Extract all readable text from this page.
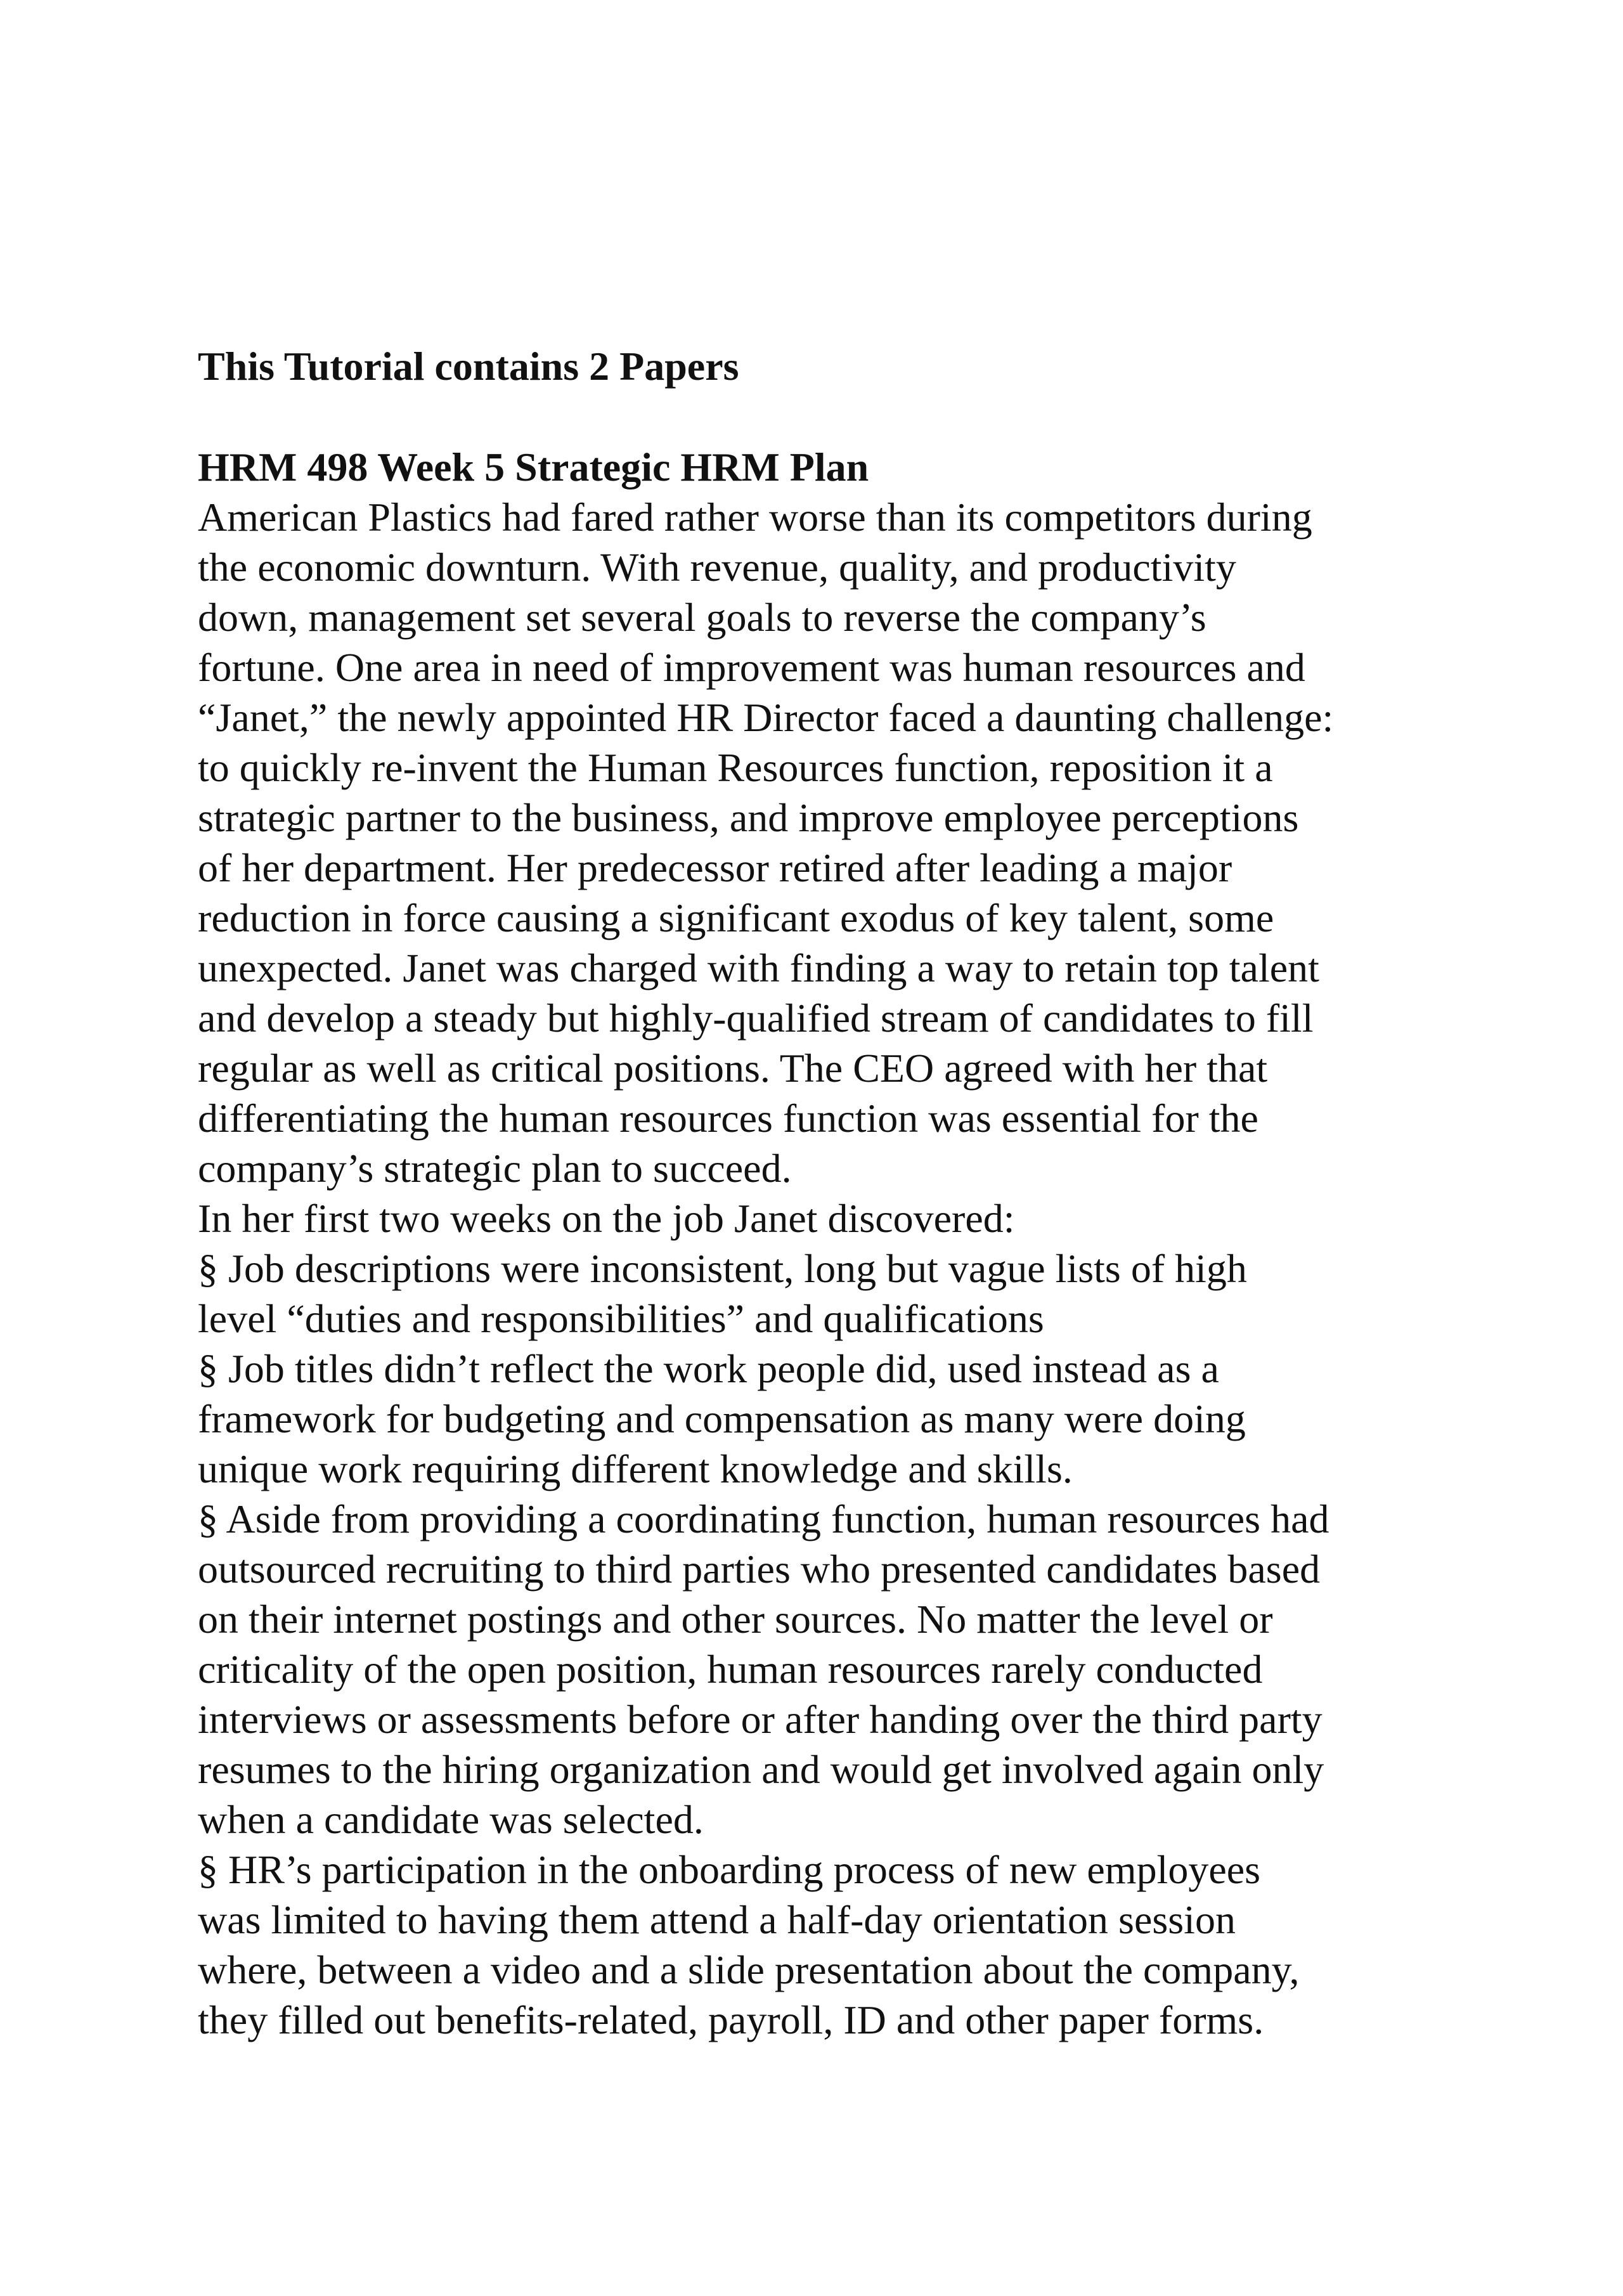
This Tutorial contains 2 Papers
HRM 498 Week 5 Strategic HRM Plan
American Plastics had fared rather worse than its competitors during
the economic downturn. With revenue, quality, and productivity
down, management set several goals to reverse the company’s
fortune. One area in need of improvement was human resources and
“Janet,” the newly appointed HR Director faced a daunting challenge:
to quickly re-invent the Human Resources function, reposition it a
strategic partner to the business, and improve employee perceptions
of her department. Her predecessor retired after leading a major
reduction in force causing a significant exodus of key talent, some
unexpected. Janet was charged with finding a way to retain top talent
and develop a steady but highly-qualified stream of candidates to fill
regular as well as critical positions. The CEO agreed with her that
differentiating the human resources function was essential for the
company’s strategic plan to succeed.
In her first two weeks on the job Janet discovered:
§ Job descriptions were inconsistent, long but vague lists of high
level “duties and responsibilities” and qualifications
§ Job titles didn’t reflect the work people did, used instead as a
framework for budgeting and compensation as many were doing
unique work requiring different knowledge and skills.
§ Aside from providing a coordinating function, human resources had
outsourced recruiting to third parties who presented candidates based
on their internet postings and other sources. No matter the level or
criticality of the open position, human resources rarely conducted
interviews or assessments before or after handing over the third party
resumes to the hiring organization and would get involved again only
when a candidate was selected.
§ HR’s participation in the onboarding process of new employees
was limited to having them attend a half-day orientation session
where, between a video and a slide presentation about the company,
they filled out benefits-related, payroll, ID and other paper forms.
